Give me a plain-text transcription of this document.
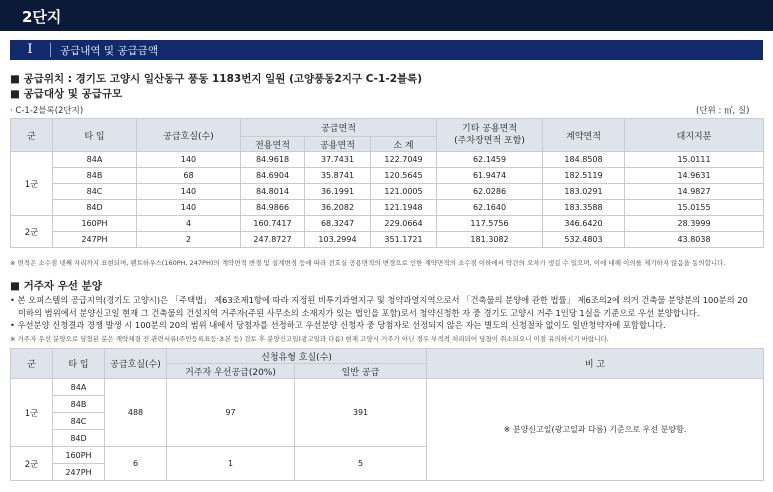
2단지
I	공급내역 및 공급금액
■ 공급위치 : 경기도 고양시 일산동구 풍동 1183번지 일원 (고양풍동2지구 C-1-2블록)
■ 공급대상 및 공급규모
· C-1-2블록(2단지)	(단위 : ㎡, 실)
군	타 입	공급호실(수)	공급면적			기타 공용면적
(주차장면적 포함)	계약면적	대지지분
			전용면적	공용면적	소 계			
1군	84A	140	84.9618	37.7431	122.7049	62.1459	184.8508	15.0111
	84B	68	84.6904	35.8741	120.5645	61.9474	182.5119	14.9631
	84C	140	84.8014	36.1991	121.0005	62.0286	183.0291	14.9827
	84D	140	84.9866	36.2082	121.1948	62.1640	183.3588	15.0155
2군	160PH	4	160.7417	68.3247	229.0664	117.5756	346.6420	28.3999
	247PH	2	247.8727	103.2994	351.1721	181.3082	532.4803	43.8038
※ 면적은 소수점 넷째 자리까지 표현되며, 펜트하우스(160PH, 247PH)의 계약면적 변경 및 설계변경 등에 따라 전호실 공용면적의 변경으로 인한 계약면적의 소수점 이하에서 약간의 오차가 생길 수 있으며, 이에 대해 이의를 제기하지 않음을 동의합니다.
■ 거주자 우선 분양
• 본 오피스텔의 공급지역(경기도 고양시)은 「주택법」 제63조제1항에 따라 지정된 비투기과열지구 및 청약과열지역으로서 「건축물의 분양에 관한 법률」 제6조의2에 의거 건축물 분양분의 100분의 20
이하의 범위에서 분양신고일 현재 그 건축물의 건설지역 거주자(주된 사무소의 소재지가 있는 법인을 포함)로서 청약신청한 자 중 경기도 고양시 거주 1인당 1실을 기준으로 우선 분양합니다.
• 우선분양 신청결과 경쟁 발생 시 100분의 20의 범위 내에서 당첨자를 선정하고 우선분양 신청자 중 당첨자로 선정되지 않은 자는 별도의 신청절차 없이도 일반청약자에 포함합니다.
※ 거주자 우선 분양으로 당첨된 분은 계약체결 전 관련서류(주민등록표등·초본 등) 검토 후 분양신고일(광고일과 다름) 현재 고양시 거주가 아닌 경우 부적격 처리되어 당첨이 취소되오니 이점 유의하시기 바랍니다.
군	타 입	공급호실(수)	신청유형 호실(수)		비 고
			거주자 우선공급(20%)	일반 공급	
1군	84A	488	97	391	※ 분양신고일(광고일과 다름) 기준으로 우선 분양함.
	84B				
	84C				
	84D				
2군	160PH	6	1	5	
	247PH				
